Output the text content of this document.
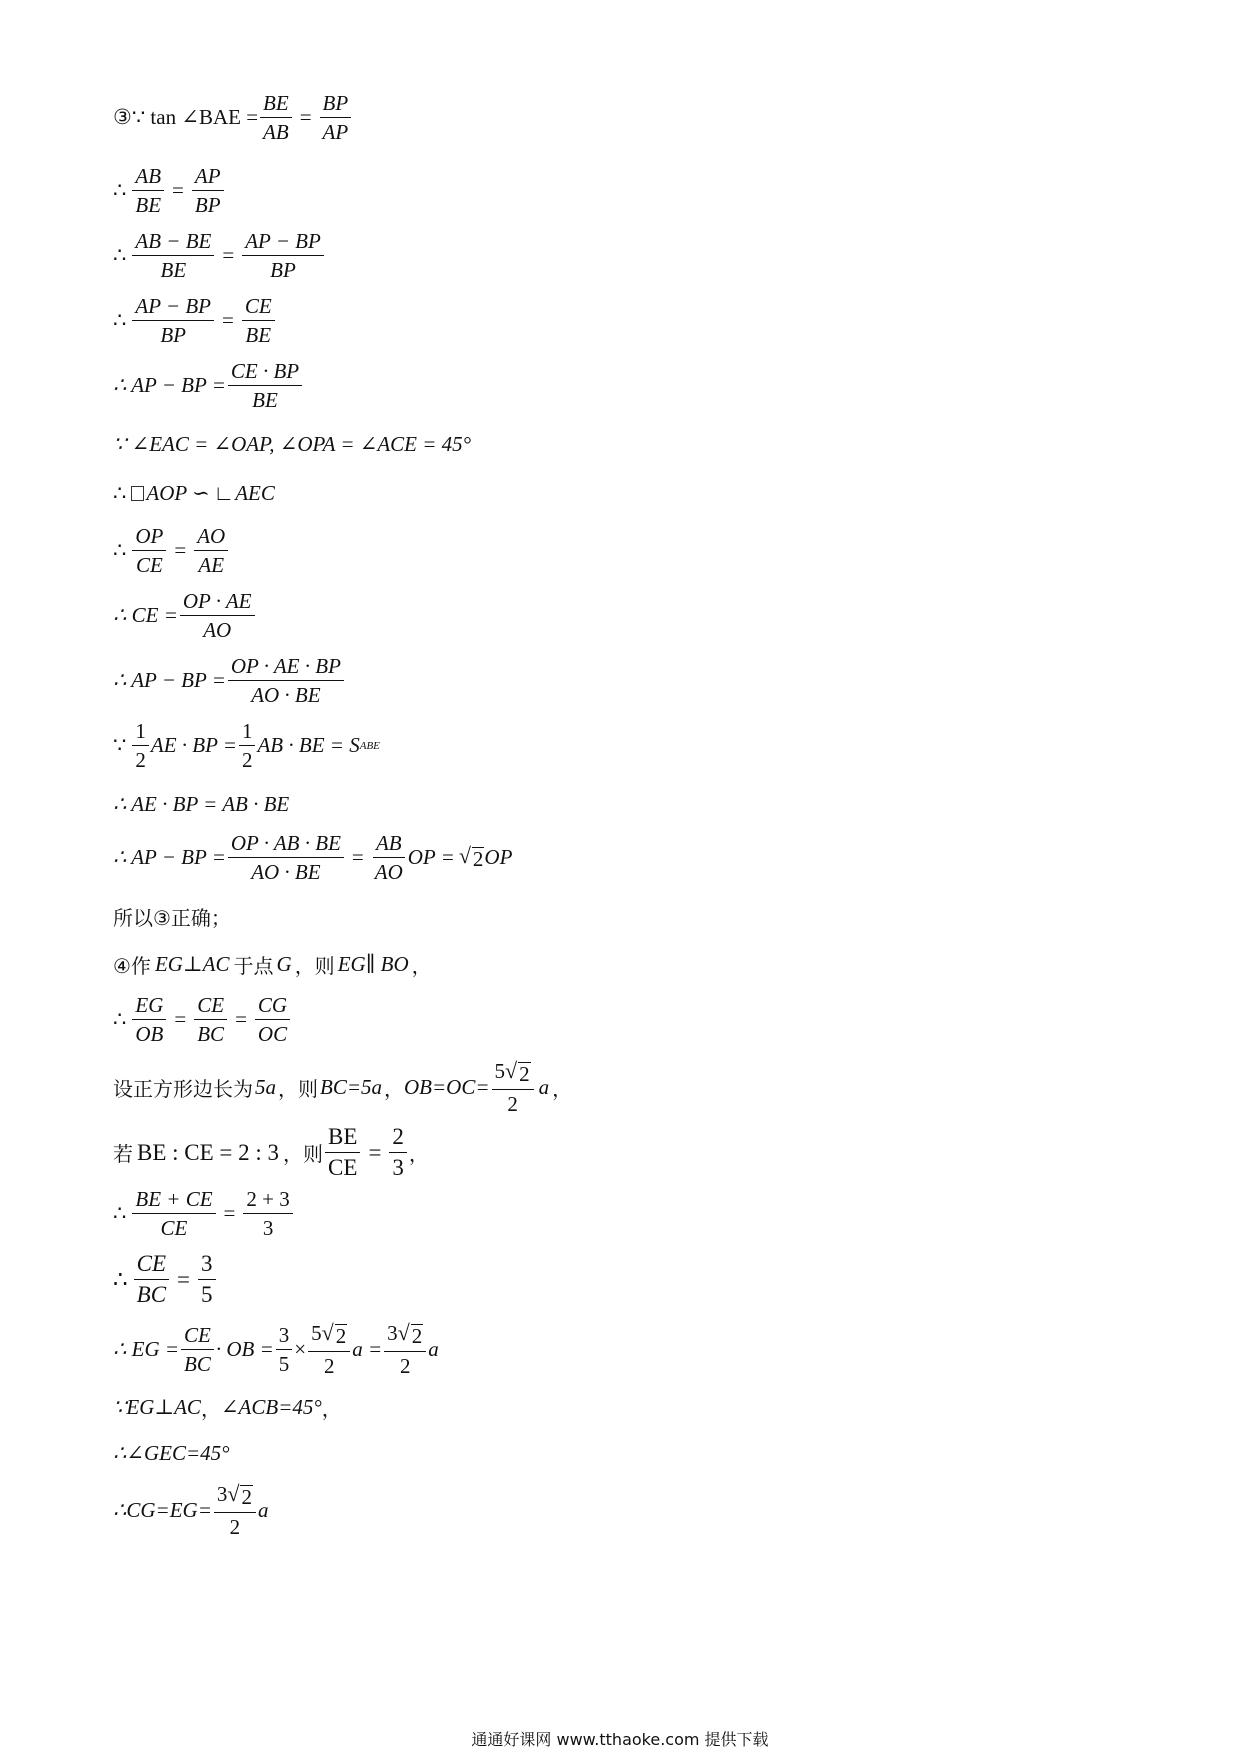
③∵ tan ∠BAE = $\frac{BE}{AB} = \frac{BP}{AP}$
∴ $\frac{AB}{BE} = \frac{AP}{BP}$
∴ $\frac{AB - BE}{BE} = \frac{AP - BP}{BP}$
∴ $\frac{AP - BP}{BP} = \frac{CE}{BE}$
∴ AP − BP = $\frac{CE \cdot BP}{BE}$
∵ ∠EAC = ∠OAP, ∠OPA = ∠ACE = 45°
∴ AOP ∽ ∟ AEC
∴ $\frac{OP}{CE} = \frac{AO}{AE}$
∴ CE = $\frac{OP \cdot AE}{AO}$
∴ AP − BP = $\frac{OP \cdot AE \cdot BP}{AO \cdot BE}$
∵ $\frac{1}{2}$ AE · BP = $\frac{1}{2}$ AB · BE = S ABE
∴ AE · BP = AB · BE
∴ AP − BP = $\frac{OP \cdot AB \cdot BE}{AO \cdot BE} = \frac{AB}{AO}$ OP = √ 2 OP
所以③正确；
④作 EG⊥AC 于点 G ，则 EG∥ BO ，
∴ $\frac{EG}{OB} = \frac{CE}{BC} = \frac{CG}{OC}$
设正方形边长为 5a ，则 BC=5a ， $OB=OC= \frac{5 √ 2}{2}$ a ，
若 BE : CE = 2 : 3 ，则 $\frac{BE}{CE} = \frac{2}{3}$ ，
∴ $\frac{BE + CE}{CE} = \frac{2 + 3}{3}$
∴ $\frac{CE}{BC} = \frac{3}{5}$
∴ EG = $\frac{CE}{BC}$ · OB = $\frac{3}{5} \times \frac{5 √ 2}{2}$ $a = \frac{3 √ 2}{2}$ a
∵EG⊥AC ， ∠ACB=45° ，
∴∠GEC=45°
∴CG=EG= $\frac{3 √ 2}{2}$ a
通通好课网 www.tthaoke.com 提供下载
